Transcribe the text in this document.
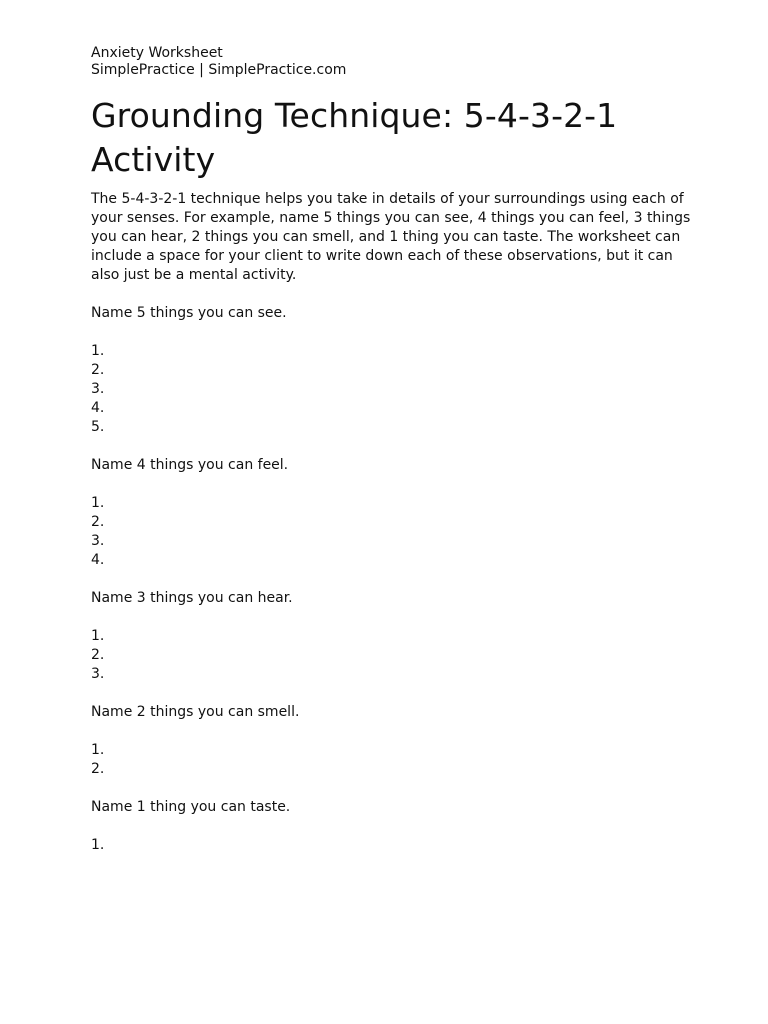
Anxiety Worksheet

SimplePractice | SimplePractice.com

Grounding Technique: 5-4-3-2-1 Activity

The 5-4-3-2-1 technique helps you take in details of your surroundings using each of your senses. For example, name 5 things you can see, 4 things you can feel, 3 things you can hear, 2 things you can smell, and 1 thing you can taste. The worksheet can include a space for your client to write down each of these observations, but it can also just be a mental activity.

Name 5 things you can see.

1.
2.
3.
4.
5.

Name 4 things you can feel.

1.
2.
3.
4.

Name 3 things you can hear.

1.
2.
3.

Name 2 things you can smell.

1.
2.

Name 1 thing you can taste.

1.
